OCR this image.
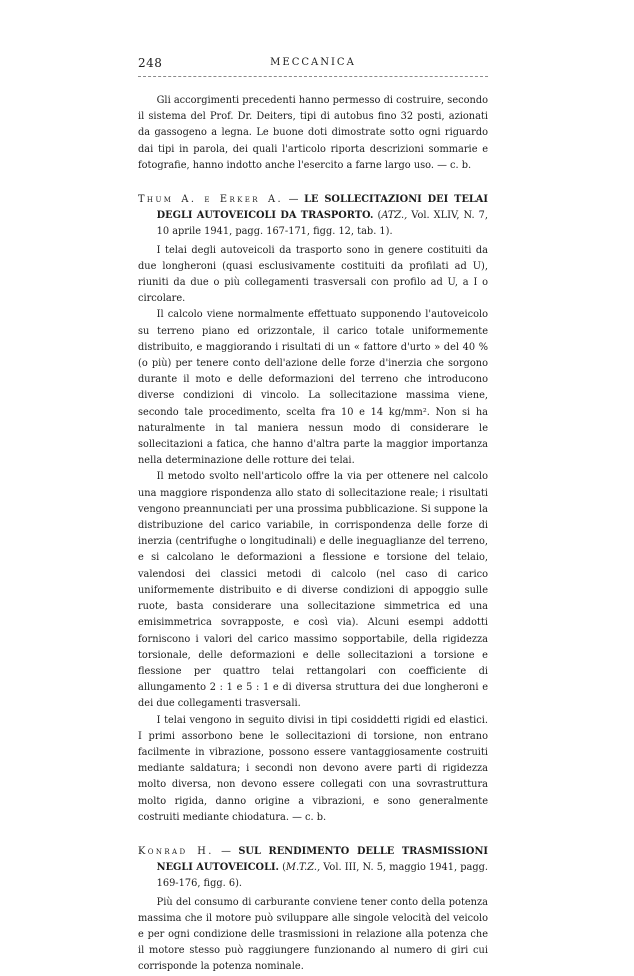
248	MECCANICA

Gli accorgimenti precedenti hanno permesso di costruire, secondo il sistema del Prof. Dr. Deiters, tipi di autobus fino 32 posti, azionati da gassogeno a legna. Le buone doti dimostrate sotto ogni riguardo dai tipi in parola, dei quali l'articolo riporta descrizioni sommarie e fotografie, hanno indotto anche l'esercito a farne largo uso. — c. b.

Thum A. e Erker A. — LE SOLLECITAZIONI DEI TELAI DEGLI AUTOVEICOLI DA TRASPORTO. (ATZ., Vol. XLIV, N. 7, 10 aprile 1941, pagg. 167-171, figg. 12, tab. 1).

I telai degli autoveicoli da trasporto sono in genere costituiti da due longheroni (quasi esclusivamente costituiti da profilati ad U), riuniti da due o più collegamenti trasversali con profilo ad U, a I o circolare.

Il calcolo viene normalmente effettuato supponendo l'autoveicolo su terreno piano ed orizzontale, il carico totale uniformemente distribuito, e maggiorando i risultati di un « fattore d'urto » del 40 % (o più) per tenere conto dell'azione delle forze d'inerzia che sorgono durante il moto e delle deformazioni del terreno che introducono diverse condizioni di vincolo. La sollecitazione massima viene, secondo tale procedimento, scelta fra 10 e 14 kg/mm². Non si ha naturalmente in tal maniera nessun modo di considerare le sollecitazioni a fatica, che hanno d'altra parte la maggior importanza nella determinazione delle rotture dei telai.

Il metodo svolto nell'articolo offre la via per ottenere nel calcolo una maggiore rispondenza allo stato di sollecitazione reale; i risultati vengono preannunciati per una prossima pubblicazione. Si suppone la distribuzione del carico variabile, in corrispondenza delle forze di inerzia (centrifughe o longitudinali) e delle ineguaglianze del terreno, e si calcolano le deformazioni a flessione e torsione del telaio, valendosi dei classici metodi di calcolo (nel caso di carico uniformemente distribuito e di diverse condizioni di appoggio sulle ruote, basta considerare una sollecitazione simmetrica ed una emisimmetrica sovrapposte, e così via). Alcuni esempi addotti forniscono i valori del carico massimo sopportabile, della rigidezza torsionale, delle deformazioni e delle sollecitazioni a torsione e flessione per quattro telai rettangolari con coefficiente di allungamento 2 : 1 e 5 : 1 e di diversa struttura dei due longheroni e dei due collegamenti trasversali.

I telai vengono in seguito divisi in tipi cosiddetti rigidi ed elastici. I primi assorbono bene le sollecitazioni di torsione, non entrano facilmente in vibrazione, possono essere vantaggiosamente costruiti mediante saldatura; i secondi non devono avere parti di rigidezza molto diversa, non devono essere collegati con una sovrastruttura molto rigida, danno origine a vibrazioni, e sono generalmente costruiti mediante chiodatura. — c. b.

Konrad H. — SUL RENDIMENTO DELLE TRASMISSIONI NEGLI AUTOVEICOLI. (M.T.Z., Vol. III, N. 5, maggio 1941, pagg. 169-176, figg. 6).

Più del consumo di carburante conviene tener conto della potenza massima che il motore può sviluppare alle singole velocità del veicolo e per ogni condizione delle trasmissioni in relazione alla potenza che il motore stesso può raggiungere funzionando al numero di giri cui corrisponde la potenza nominale.
